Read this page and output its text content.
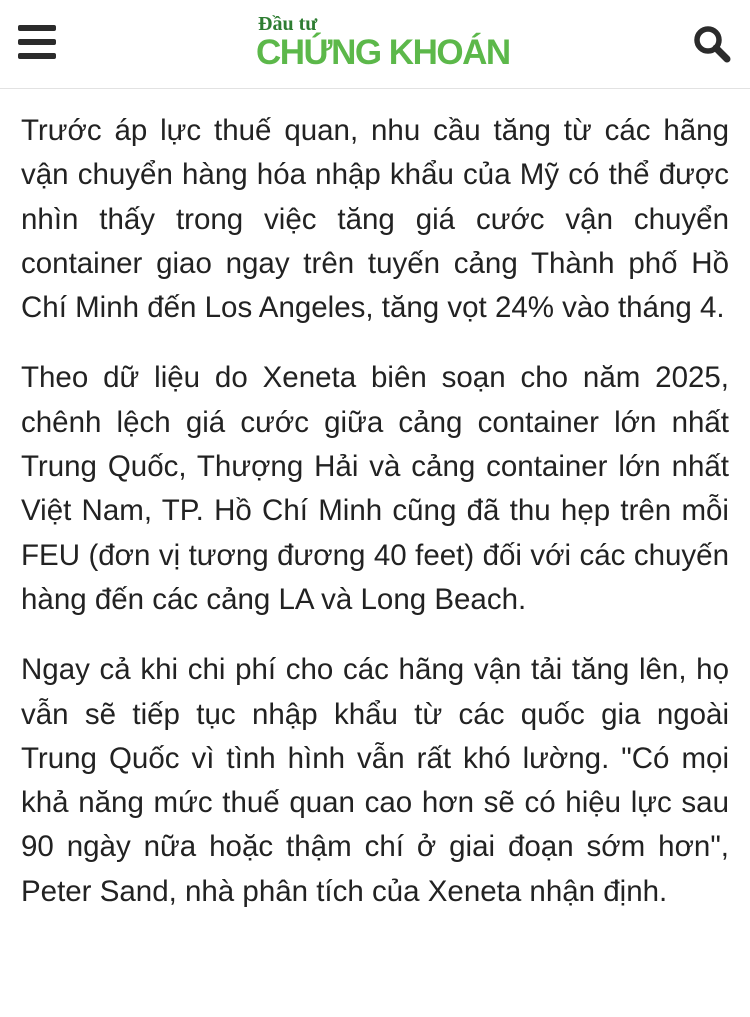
Đầu tư
CHỨNG KHOÁN

Trước áp lực thuế quan, nhu cầu tăng từ các hãng vận chuyển hàng hóa nhập khẩu của Mỹ có thể được nhìn thấy trong việc tăng giá cước vận chuyển container giao ngay trên tuyến cảng Thành phố Hồ Chí Minh đến Los Angeles, tăng vọt 24% vào tháng 4.

Theo dữ liệu do Xeneta biên soạn cho năm 2025, chênh lệch giá cước giữa cảng container lớn nhất Trung Quốc, Thượng Hải và cảng container lớn nhất Việt Nam, TP. Hồ Chí Minh cũng đã thu hẹp trên mỗi FEU (đơn vị tương đương 40 feet) đối với các chuyến hàng đến các cảng LA và Long Beach.

Ngay cả khi chi phí cho các hãng vận tải tăng lên, họ vẫn sẽ tiếp tục nhập khẩu từ các quốc gia ngoài Trung Quốc vì tình hình vẫn rất khó lường. "Có mọi khả năng mức thuế quan cao hơn sẽ có hiệu lực sau 90 ngày nữa hoặc thậm chí ở giai đoạn sớm hơn", Peter Sand, nhà phân tích của Xeneta nhận định.
